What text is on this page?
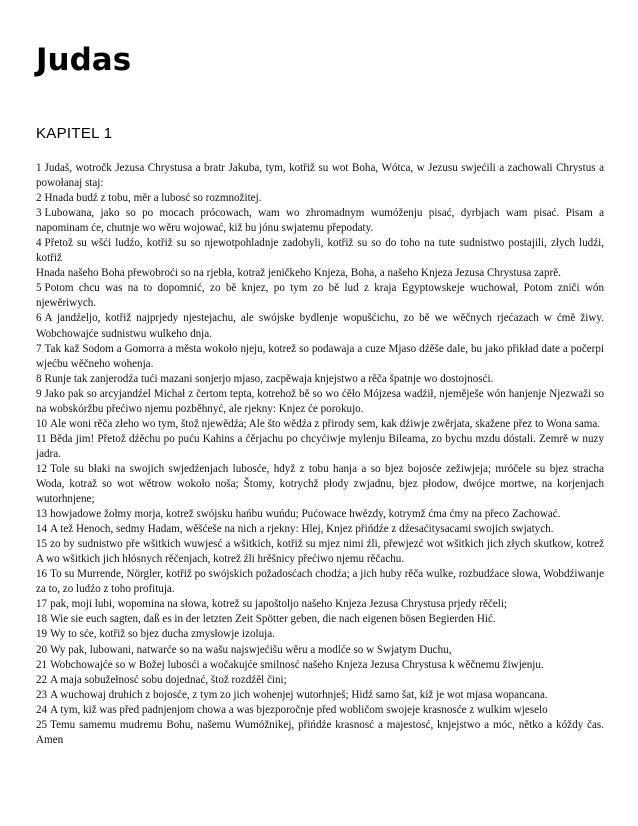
Judas
KAPITEL 1
1 Judaš, wotročk Jezusa Chrystusa a bratr Jakuba, tym, kotřiž su wot Boha, Wótca, w Jezusu swjećili a zachowali Chrystus a powołanaj staj:
2 Hnada budź z tobu, měr a lubosć so rozmnožitej.
3 Lubowana, jako so po mocach prócowach, wam wo zhromadnym wumóženju pisać, dyrbjach wam pisać. Pisam a napominam će, chutnje wo wěru wojować, kiž bu jónu swjatemu přepodaty.
4 Přetož su wšći ludźo, kotřiž su so njewotpohladnje zadobyli, kotřiž su so do toho na tute sudnistwo postajili, złych ludźi, kotřiž
Hnada našeho Boha přewobroći so na rjebła, kotraž jeničkeho Knjeza, Boha, a našeho Knjeza Jezusa Chrystusa zaprě.
5 Potom chcu was na to dopomnić, zo bě knjez, po tym zo bě lud z kraja Egyptowskeje wuchował, Potom zniči wón njewěriwych.
6 A jandźeljo, kotřiž najprjedy njestejachu, ale swójske bydlenje wopušćichu, zo bě we wěčnych rjećazach w ćmě žiwy. Wobchowajće sudnistwu wulkeho dnja.
7 Tak kaž Sodom a Gomorra a města wokoło njeju, kotrež so podawaja a cuze Mjaso dźěše dale, bu jako přikład date a počerpi wjećbu wěčneho wohenja.
8 Runje tak zanjerodźa tući mazani sonjerjo mjaso, zacpěwaja knjejstwo a rěča špatnje wo dostojnosći.
9 Jako pak so arcyjandźel Michał z čertom tepta, kotrehož bě so wo ćěło Mójzesa wadźił, njeměješe wón hanjenje Njezwaži so na wobskóržbu přećiwo njemu pozběhnyć, ale rjekny: Knjez će porokujo.
10 Ale woni rěča złeho wo tym, štož njewědźa; Ale što wědźa z přirody sem, kak dźiwje zwěrjata, skažene přez to Wona sama.
11 Běda jim! Přetož dźěchu po puću Kahins a ćěrjachu po chcyćiwje mylenju Bileama, zo bychu mzdu dóstali. Zemrě w nuzy jadra.
12 Tole su błaki na swojich swjedźenjach lubosće, hdyž z tobu hanja a so bjez bojosće zežiwjeja; mróčele su bjez stracha Woda, kotraž so wot wětrow wokoło noša; Štomy, kotrychž płody zwjadnu, bjez płodow, dwójce mortwe, na korjenjach wutorhnjene;
13 howjadowe žołmy morja, kotrež swójsku hańbu wuńdu; Pućowace hwězdy, kotrymž ćma ćmy na přeco Zachować.
14 A tež Henoch, sedmy Hadam, wěšćeše na nich a rjekny: Hlej, Knjez přińdźe z dźesaćitysacami swojich swjatych.
15 zo by sudnistwo pře wšitkich wuwjesć a wšitkich, kotřiž su mjez nimi źli, přewjezć wot wšitkich jich złych skutkow, kotrež A wo wšitkich jich hłósnych rěčenjach, kotrež źli hrěšnicy přećiwo njemu rěčachu.
16 To su Murrende, Nörgler, kotřiž po swójskich požadosćach chodźa; a jich huby rěča wulke, rozbudźace słowa, Wobdźiwanje za to, zo ludźo z toho profituja.
17 pak, moji lubi, wopomina na słowa, kotrež su japoštoljo našeho Knjeza Jezusa Chrystusa prjedy rěčeli;
18 Wie sie euch sagten, daß es in der letzten Zeit Spötter geben, die nach eigenen bösen Begierden Hić.
19 Wy to sće, kotřiž so bjez ducha zmysłowje izoluja.
20 Wy pak, lubowani, natwarće so na wašu najswjećišu wěru a modlće so w Swjatym Duchu,
21 Wobchowajće so w Božej lubosći a wočakujće smilnosć našeho Knjeza Jezusa Chrystusa k wěčnemu žiwjenju.
22 A maja sobužełnosć sobu dojednać, štož rozdźěl čini;
23 A wuchowaj druhich z bojosće, z tym zo jich wohenjej wutorhnješ; Hidź samo šat, kiž je wot mjasa wopancana.
24 A tym, kiž was před padnjenjom chowa a was bjezporočnje před wobličom swojeje krasnosće z wulkim wjeselo
25 Temu samemu mudremu Bohu, našemu Wumóžnikej, přińdźe krasnosć a majestosć, knjejstwo a móc, nětko a kóždy čas. Amen
